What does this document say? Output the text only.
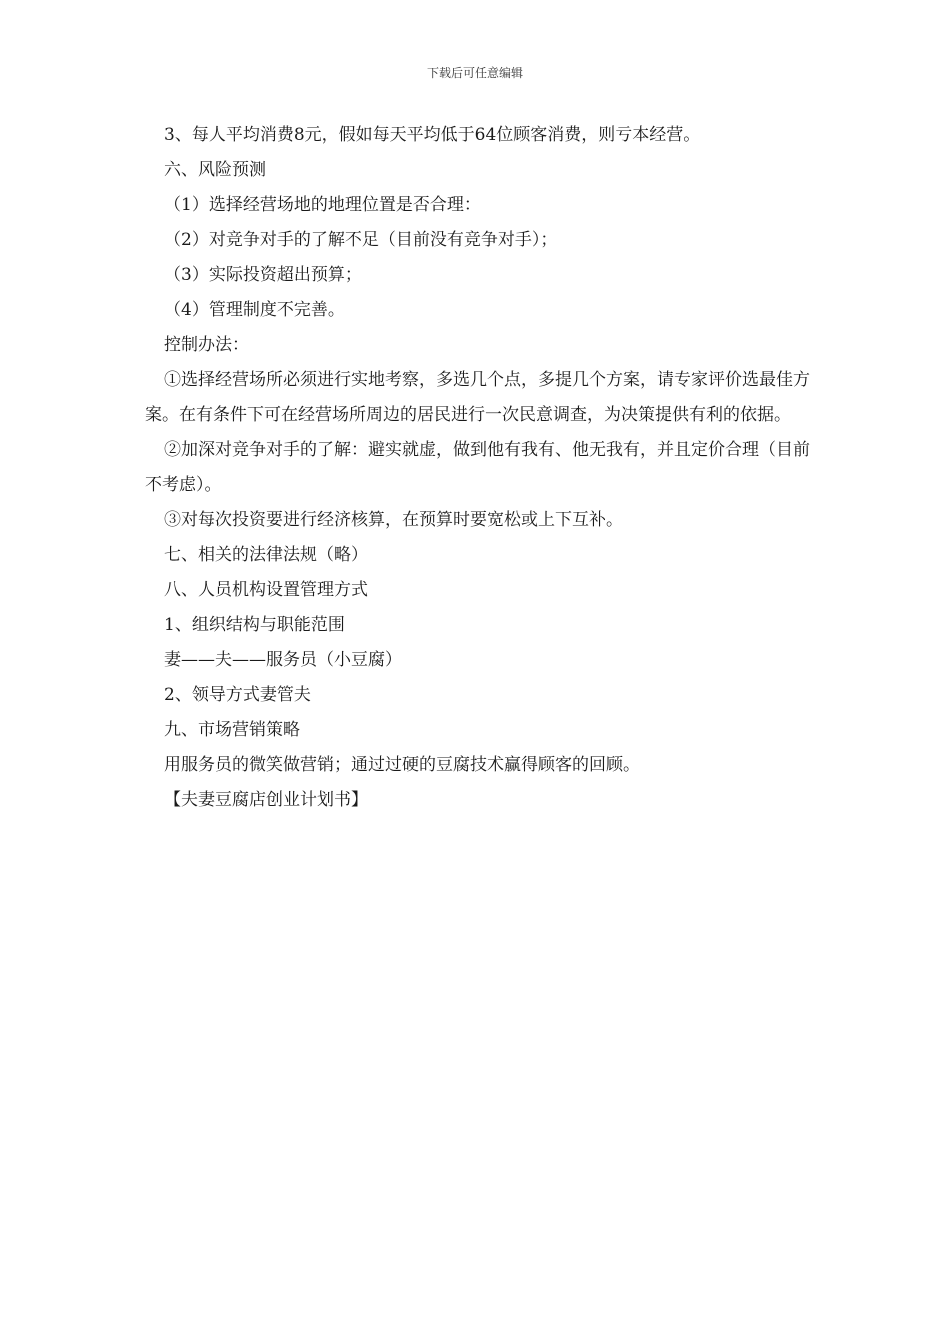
下载后可任意编辑

3、每人平均消费8元，假如每天平均低于64位顾客消费，则亏本经营。

六、风险预测

（1）选择经营场地的地理位置是否合理：

（2）对竞争对手的了解不足（目前没有竞争对手）；

（3）实际投资超出预算；

（4）管理制度不完善。

控制办法：

①选择经营场所必须进行实地考察，多选几个点，多提几个方案，请专家评价选最佳方案。在有条件下可在经营场所周边的居民进行一次民意调查，为决策提供有利的依据。

②加深对竞争对手的了解：避实就虚，做到他有我有、他无我有，并且定价合理（目前不考虑）。

③对每次投资要进行经济核算，在预算时要宽松或上下互补。

七、相关的法律法规（略）

八、人员机构设置管理方式

1、组织结构与职能范围

妻——夫——服务员（小豆腐）

2、领导方式妻管夫

九、市场营销策略

用服务员的微笑做营销；通过过硬的豆腐技术赢得顾客的回顾。

【夫妻豆腐店创业计划书】
